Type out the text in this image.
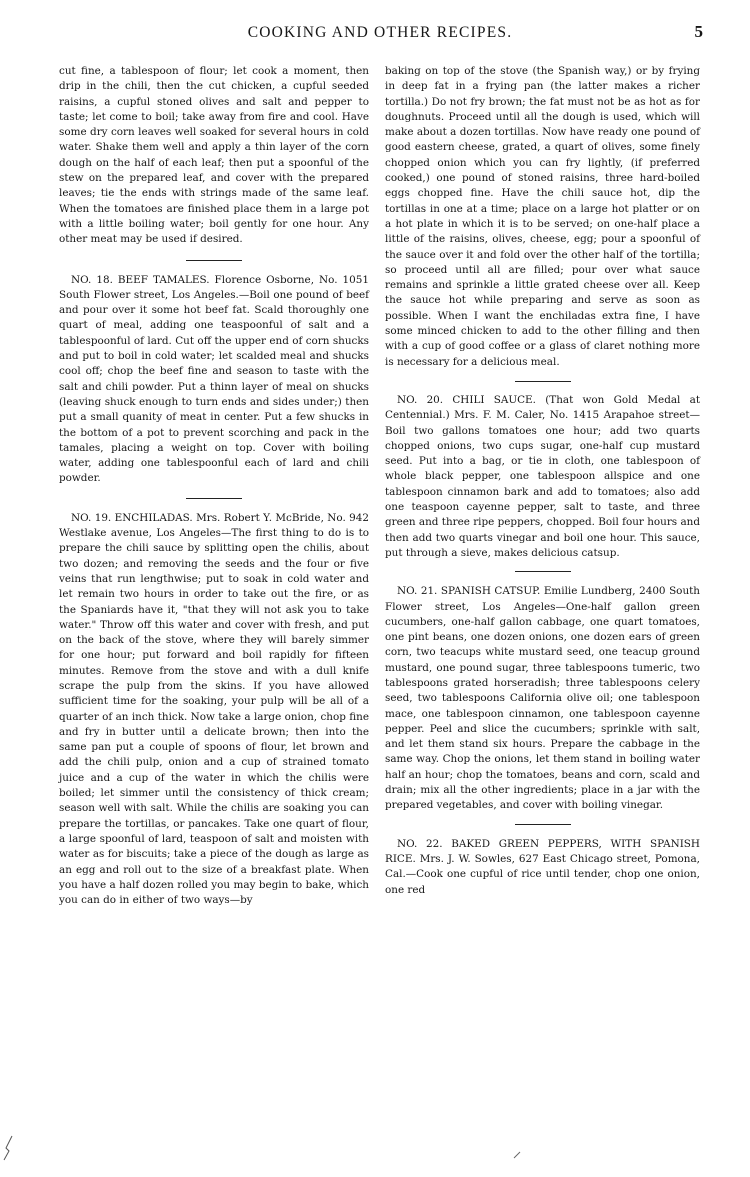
COOKING AND OTHER RECIPES.	5

cut fine, a tablespoon of flour; let cook a moment, then drip in the chili, then the cut chicken, a cupful seeded raisins, a cupful stoned olives and salt and pepper to taste; let come to boil; take away from fire and cool. Have some dry corn leaves well soaked for several hours in cold water. Shake them well and apply a thin layer of the corn dough on the half of each leaf; then put a spoonful of the stew on the prepared leaf, and cover with the prepared leaves; tie the ends with strings made of the same leaf. When the tomatoes are finished place them in a large pot with a little boiling water; boil gently for one hour. Any other meat may be used if desired.

NO. 18. BEEF TAMALES. Florence Osborne, No. 1051 South Flower street, Los Angeles.—Boil one pound of beef and pour over it some hot beef fat. Scald thoroughly one quart of meal, adding one teaspoonful of salt and a tablespoonful of lard. Cut off the upper end of corn shucks and put to boil in cold water; let scalded meal and shucks cool off; chop the beef fine and season to taste with the salt and chili powder. Put a thinn layer of meal on shucks (leaving shuck enough to turn ends and sides under;) then put a small quanity of meat in center. Put a few shucks in the bottom of a pot to prevent scorching and pack in the tamales, placing a weight on top. Cover with boiling water, adding one tablespoonful each of lard and chili powder.

NO. 19. ENCHILADAS. Mrs. Robert Y. McBride, No. 942 Westlake avenue, Los Angeles—The first thing to do is to prepare the chili sauce by splitting open the chilis, about two dozen; and removing the seeds and the four or five veins that run lengthwise; put to soak in cold water and let remain two hours in order to take out the fire, or as the Spaniards have it, "that they will not ask you to take water." Throw off this water and cover with fresh, and put on the back of the stove, where they will barely simmer for one hour; put forward and boil rapidly for fifteen minutes. Remove from the stove and with a dull knife scrape the pulp from the skins. If you have allowed sufficient time for the soaking, your pulp will be all of a quarter of an inch thick. Now take a large onion, chop fine and fry in butter until a delicate brown; then into the same pan put a couple of spoons of flour, let brown and add the chili pulp, onion and a cup of strained tomato juice and a cup of the water in which the chilis were boiled; let simmer until the consistency of thick cream; season well with salt. While the chilis are soaking you can prepare the tortillas, or pancakes. Take one quart of flour, a large spoonful of lard, teaspoon of salt and moisten with water as for biscuits; take a piece of the dough as large as an egg and roll out to the size of a breakfast plate. When you have a half dozen rolled you may begin to bake, which you can do in either of two ways—by

baking on top of the stove (the Spanish way,) or by frying in deep fat in a frying pan (the latter makes a richer tortilla.) Do not fry brown; the fat must not be as hot as for doughnuts. Proceed until all the dough is used, which will make about a dozen tortillas. Now have ready one pound of good eastern cheese, grated, a quart of olives, some finely chopped onion which you can fry lightly, (if preferred cooked,) one pound of stoned raisins, three hard-boiled eggs chopped fine. Have the chili sauce hot, dip the tortillas in one at a time; place on a large hot platter or on a hot plate in which it is to be served; on one-half place a little of the raisins, olives, cheese, egg; pour a spoonful of the sauce over it and fold over the other half of the tortilla; so proceed until all are filled; pour over what sauce remains and sprinkle a little grated cheese over all. Keep the sauce hot while preparing and serve as soon as possible. When I want the enchiladas extra fine, I have some minced chicken to add to the other filling and then with a cup of good coffee or a glass of claret nothing more is necessary for a delicious meal.

NO. 20. CHILI SAUCE. (That won Gold Medal at Centennial.) Mrs. F. M. Caler, No. 1415 Arapahoe street—Boil two gallons tomatoes one hour; add two quarts chopped onions, two cups sugar, one-half cup mustard seed. Put into a bag, or tie in cloth, one tablespoon of whole black pepper, one tablespoon allspice and one tablespoon cinnamon bark and add to tomatoes; also add one teaspoon cayenne pepper, salt to taste, and three green and three ripe peppers, chopped. Boil four hours and then add two quarts vinegar and boil one hour. This sauce, put through a sieve, makes delicious catsup.

NO. 21. SPANISH CATSUP. Emilie Lundberg, 2400 South Flower street, Los Angeles—One-half gallon green cucumbers, one-half gallon cabbage, one quart tomatoes, one pint beans, one dozen onions, one dozen ears of green corn, two teacups white mustard seed, one teacup ground mustard, one pound sugar, three tablespoons tumeric, two tablespoons grated horseradish; three tablespoons celery seed, two tablespoons California olive oil; one tablespoon mace, one tablespoon cinnamon, one tablespoon cayenne pepper. Peel and slice the cucumbers; sprinkle with salt, and let them stand six hours. Prepare the cabbage in the same way. Chop the onions, let them stand in boiling water half an hour; chop the tomatoes, beans and corn, scald and drain; mix all the other ingredients; place in a jar with the prepared vegetables, and cover with boiling vinegar.

NO. 22. BAKED GREEN PEPPERS, WITH SPANISH RICE. Mrs. J. W. Sowles, 627 East Chicago street, Pomona, Cal.—Cook one cupful of rice until tender, chop one onion, one red
